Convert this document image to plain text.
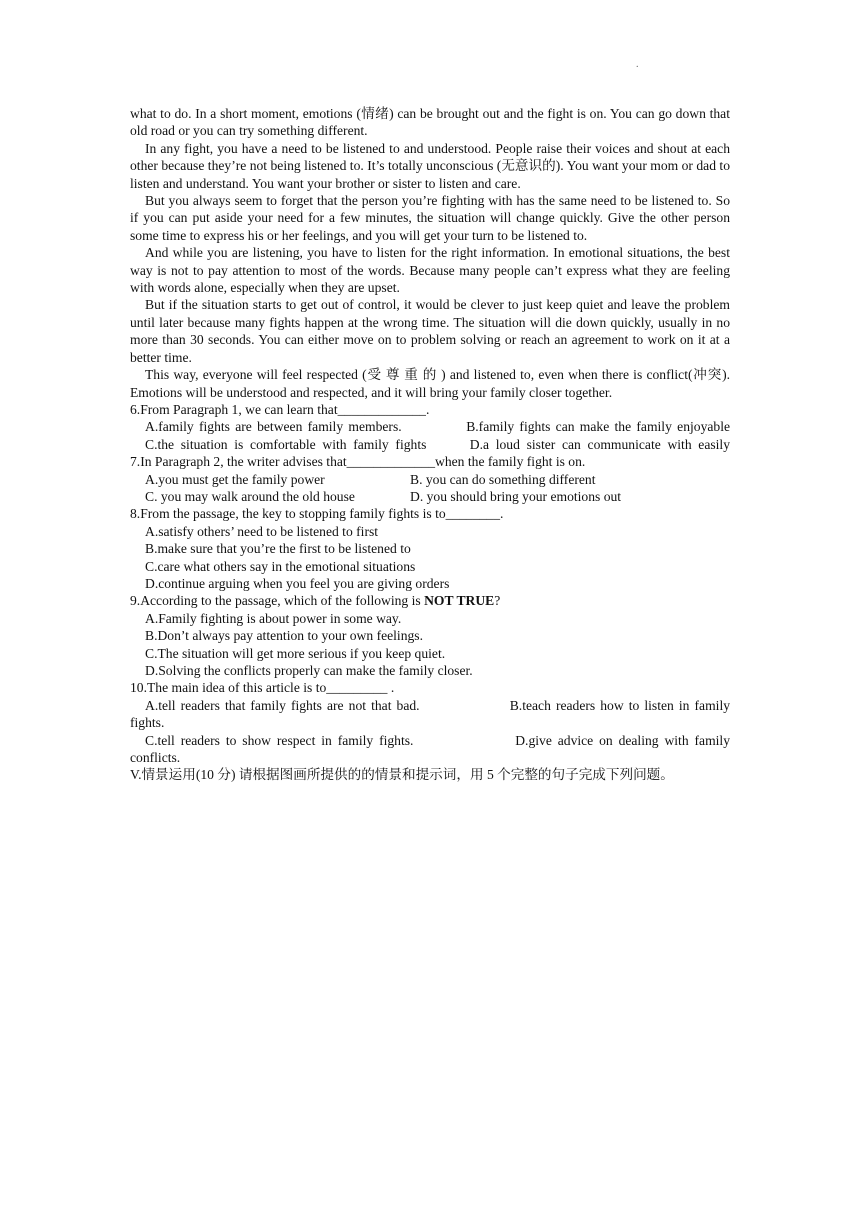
.
what to do. In a short moment, emotions (情绪) can be brought out and the fight is on. You can go down that old road or you can try something different.
In any fight, you have a need to be listened to and understood. People raise their voices and shout at each other because they’re not being listened to. It’s totally unconscious (无意识的). You want your mom or dad to listen and understand. You want your brother or sister to listen and care.
But you always seem to forget that the person you’re fighting with has the same need to be listened to. So if you can put aside your need for a few minutes, the situation will change quickly. Give the other person some time to express his or her feelings, and you will get your turn to be listened to.
And while you are listening, you have to listen for the right information. In emotional situations, the best way is not to pay attention to most of the words. Because many people can’t express what they are feeling with words alone, especially when they are upset.
But if the situation starts to get out of control, it would be clever to just keep quiet and leave the problem until later because many fights happen at the wrong time. The situation will die down quickly, usually in no more than 30 seconds. You can either move on to problem solving or reach an agreement to work on it at a better time.
This way, everyone will feel respected (受尊重的) and listened to, even when there is conflict(冲突). Emotions will be understood and respected, and it will bring your family closer together.
6.From Paragraph 1, we can learn that_____________.
A.family fights are between family members.	B.family fights can make the family enjoyable
C.the situation is comfortable with family fights	D.a loud sister can communicate with easily
7.In Paragraph 2, the writer advises that_____________when the family fight is on.
A.you must get the family power	B. you can do something different
C. you may walk around the old house	D. you should bring your emotions out
8.From the passage, the key to stopping family fights is to________.
A.satisfy others’ need to be listened to first
B.make sure that you’re the first to be listened to
C.care what others say in the emotional situations
D.continue arguing when you feel you are giving orders
9.According to the passage, which of the following is NOT TRUE?
A.Family fighting is about power in some way.
B.Don’t always pay attention to your own feelings.
C.The situation will get more serious if you keep quiet.
D.Solving the conflicts properly can make the family closer.
10.The main idea of this article is to_________ .
A.tell readers that family fights are not that bad.	B.teach readers how to listen in family fights.
C.tell readers to show respect in family fights.	D.give advice on dealing with family conflicts.
V.情景运用(10 分) 请根据图画所提供的的情景和提示词，用 5 个完整的句子完成下列问题。
